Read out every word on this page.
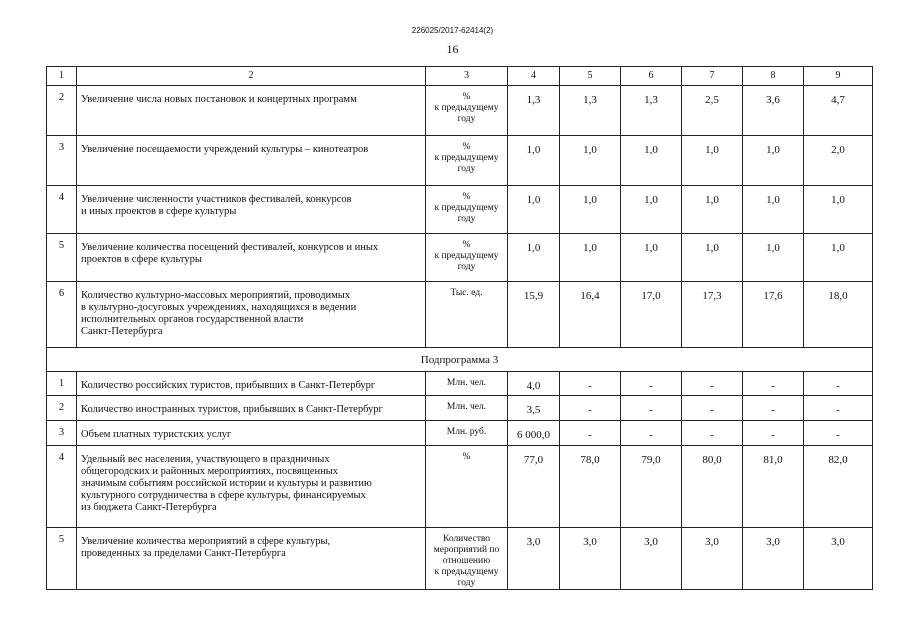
226025/2017-62414(2)
16
1	2	3	4	5	6	7	8	9
2	Увеличение числа новых постановок и концертных программ	%
к предыдущему
году	1,3	1,3	1,3	2,5	3,6	4,7
3	Увеличение посещаемости учреждений культуры – кинотеатров	%
к предыдущему
году	1,0	1,0	1,0	1,0	1,0	2,0
4	Увеличение численности участников фестивалей, конкурсов
и иных проектов в сфере культуры	%
к предыдущему
году	1,0	1,0	1,0	1,0	1,0	1,0
5	Увеличение количества посещений фестивалей, конкурсов и иных
проектов в сфере культуры	%
к предыдущему
году	1,0	1,0	1,0	1,0	1,0	1,0
6	Количество культурно-массовых мероприятий, проводимых
в культурно-досуговых учреждениях, находящихся в ведении
исполнительных органов государственной власти
Санкт-Петербурга	Тыс. ед.	15,9	16,4	17,0	17,3	17,6	18,0
Подпрограмма 3								
1	Количество российских туристов, прибывших в Санкт-Петербург	Млн. чел.	4,0	-	-	-	-	-
2	Количество иностранных туристов, прибывших в Санкт-Петербург	Млн. чел.	3,5	-	-	-	-	-
3	Объем платных туристских услуг	Млн. руб.	6 000,0	-	-	-	-	-
4	Удельный вес населения, участвующего в праздничных
общегородских и районных мероприятиях, посвященных
значимым событиям российской истории и культуры и развитию
культурного сотрудничества в сфере культуры, финансируемых
из бюджета Санкт-Петербурга	%	77,0	78,0	79,0	80,0	81,0	82,0
5	Увеличение количества мероприятий в сфере культуры,
проведенных за пределами Санкт-Петербурга	Количество
мероприятий по
отношению
к предыдущему
году	3,0	3,0	3,0	3,0	3,0	3,0
